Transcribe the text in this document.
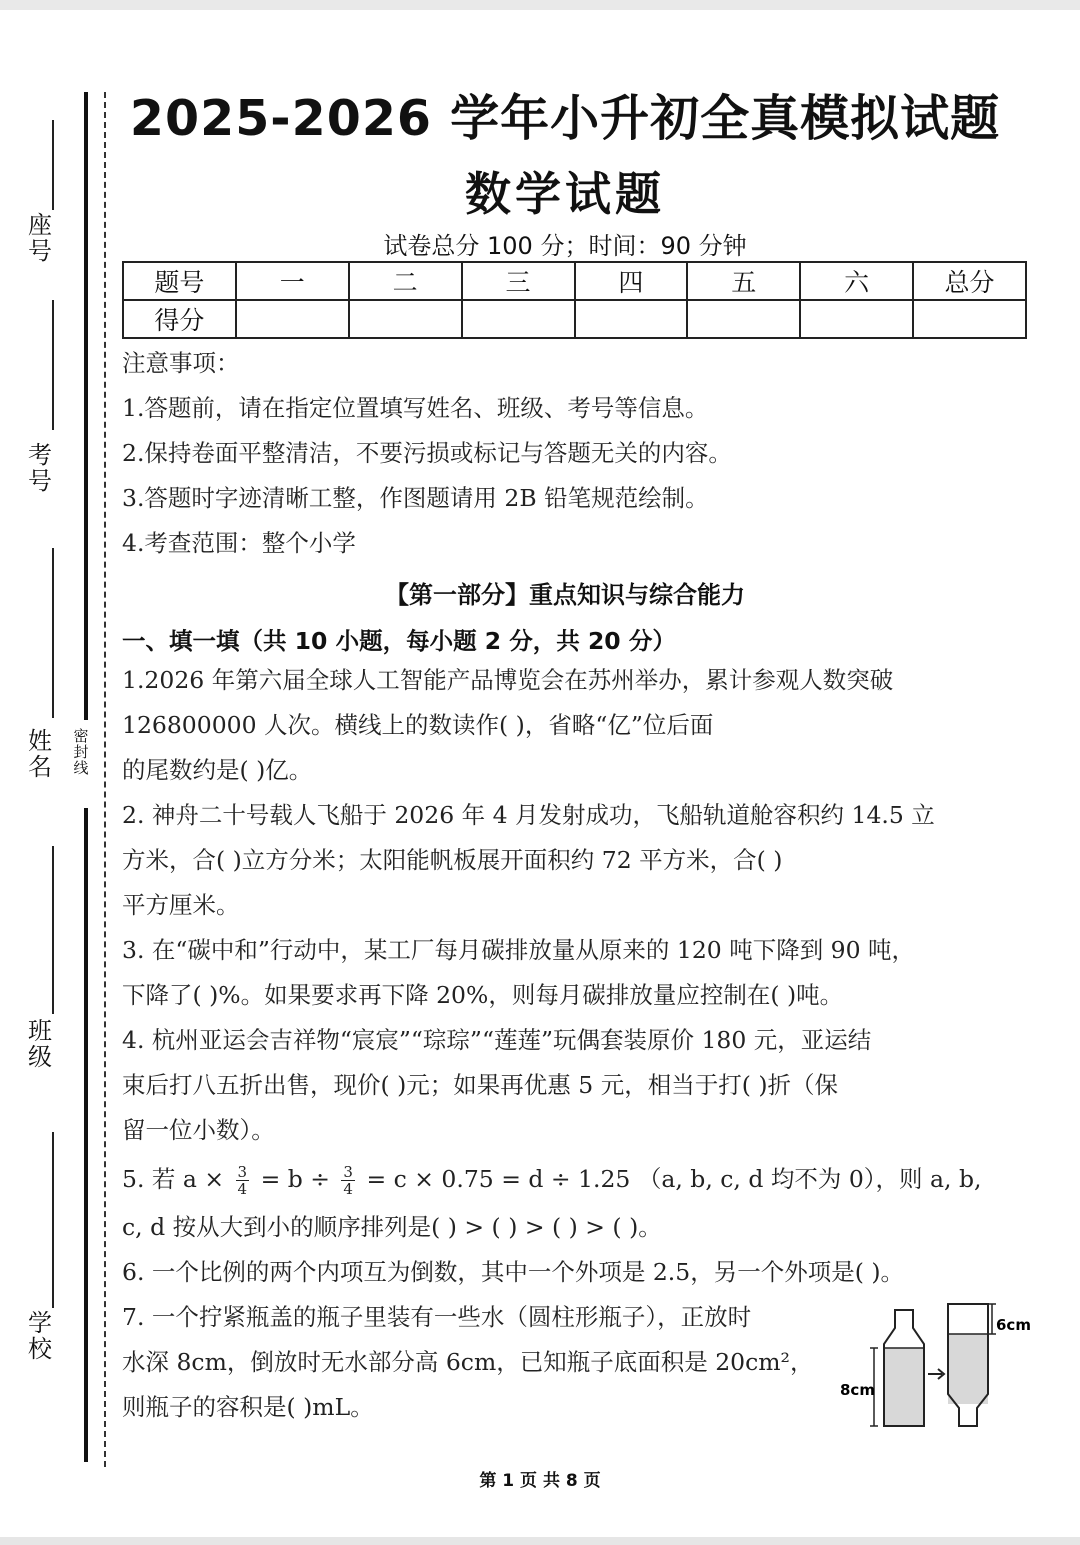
座号
考号
姓名
密封线
班级
学校
2025-2026 学年小升初全真模拟试题
数学试题
试卷总分 100 分；时间：90 分钟
题号	一	二	三	四	五	六	总分
得分							
注意事项：
1.答题前，请在指定位置填写姓名、班级、考号等信息。
2.保持卷面平整清洁，不要污损或标记与答题无关的内容。
3.答题时字迹清晰工整，作图题请用 2B 铅笔规范绘制。
4.考查范围：整个小学
【第一部分】重点知识与综合能力
一、填一填（共 10 小题，每小题 2 分，共 20 分）
1.2026 年第六届全球人工智能产品博览会在苏州举办，累计参观人数突破
126800000 人次。横线上的数读作( )，省略“亿”位后面
的尾数约是( )亿。
2. 神舟二十号载人飞船于 2026 年 4 月发射成功，飞船轨道舱容积约 14.5 立
方米，合( )立方分米；太阳能帆板展开面积约 72 平方米，合( )
平方厘米。
3. 在“碳中和”行动中，某工厂每月碳排放量从原来的 120 吨下降到 90 吨，
下降了( )%。如果要求再下降 20%，则每月碳排放量应控制在( )吨。
4. 杭州亚运会吉祥物“宸宸”“琮琮”“莲莲”玩偶套装原价 180 元，亚运结
束后打八五折出售，现价( )元；如果再优惠 5 元，相当于打( )折（保
留一位小数）。
5. 若 $a \times \frac{3}{4} = b \div \frac{3}{4} = c \times 0.75 = d \div 1.25$ （a, b, c, d 均不为 0），则 a, b,
c, d 按从大到小的顺序排列是( ) > ( ) > ( ) > ( )。
6. 一个比例的两个内项互为倒数，其中一个外项是 2.5，另一个外项是( )。
7. 一个拧紧瓶盖的瓶子里装有一些水（圆柱形瓶子），正放时
水深 8cm，倒放时无水部分高 6cm，已知瓶子底面积是 20cm²，
则瓶子的容积是( )mL。
8cm
6cm
第 1 页 共 8 页
